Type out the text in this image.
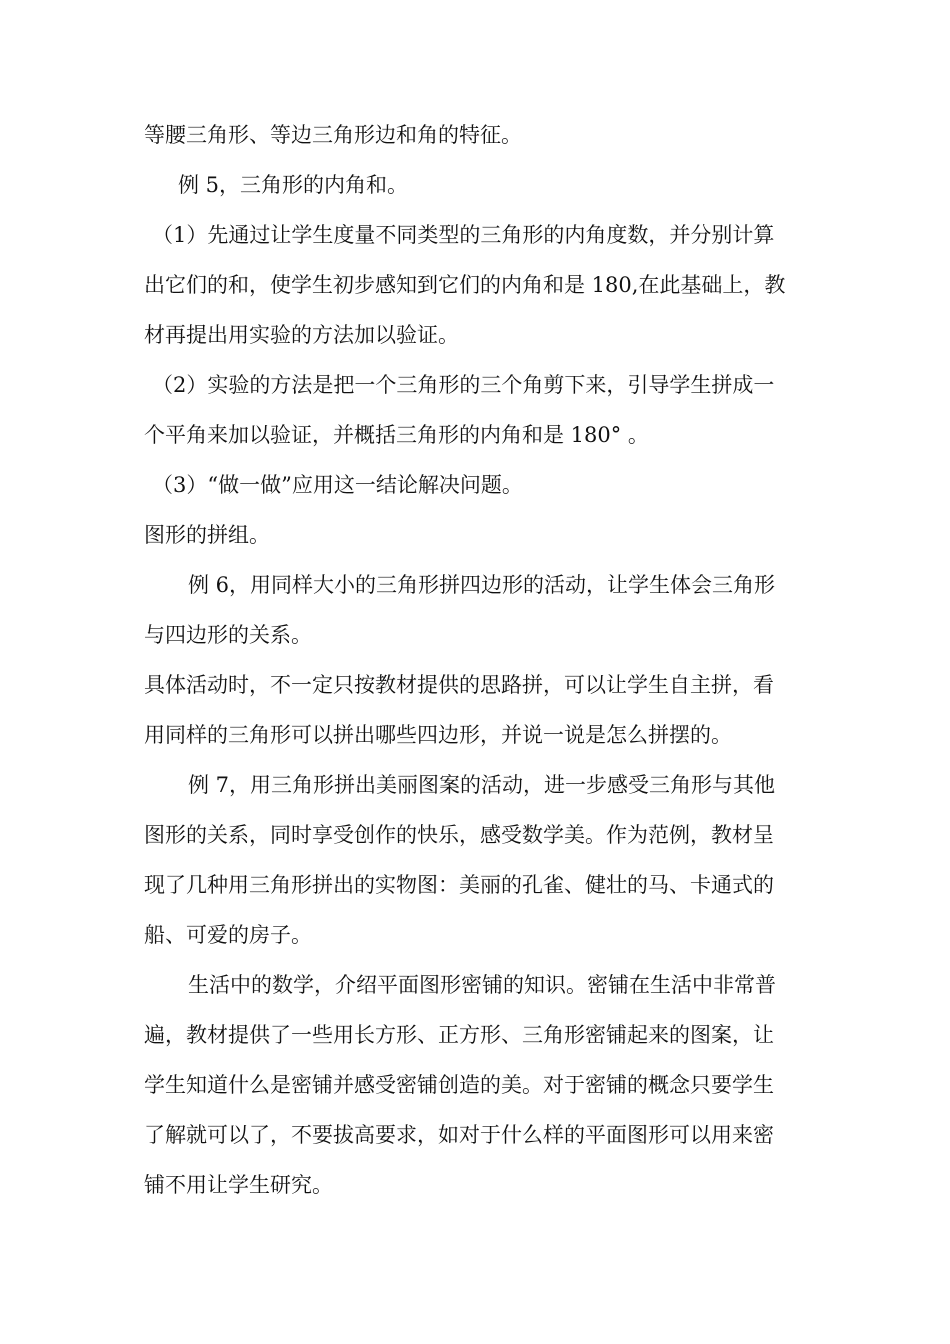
等腰三角形、等边三角形边和角的特征。
例 5，三角形的内角和。
（1）先通过让学生度量不同类型的三角形的内角度数，并分别计算
出它们的和，使学生初步感知到它们的内角和是 180,在此基础上，教
材再提出用实验的方法加以验证。
（2）实验的方法是把一个三角形的三个角剪下来，引导学生拼成一
个平角来加以验证，并概括三角形的内角和是 180° 。
（3）“做一做”应用这一结论解决问题。
图形的拼组。
例 6，用同样大小的三角形拼四边形的活动，让学生体会三角形
与四边形的关系。
具体活动时，不一定只按教材提供的思路拼，可以让学生自主拼，看
用同样的三角形可以拼出哪些四边形，并说一说是怎么拼摆的。
例 7，用三角形拼出美丽图案的活动，进一步感受三角形与其他
图形的关系，同时享受创作的快乐，感受数学美。作为范例，教材呈
现了几种用三角形拼出的实物图：美丽的孔雀、健壮的马、卡通式的
船、可爱的房子。
生活中的数学，介绍平面图形密铺的知识。密铺在生活中非常普
遍，教材提供了一些用长方形、正方形、三角形密铺起来的图案，让
学生知道什么是密铺并感受密铺创造的美。对于密铺的概念只要学生
了解就可以了，不要拔高要求，如对于什么样的平面图形可以用来密
铺不用让学生研究。
